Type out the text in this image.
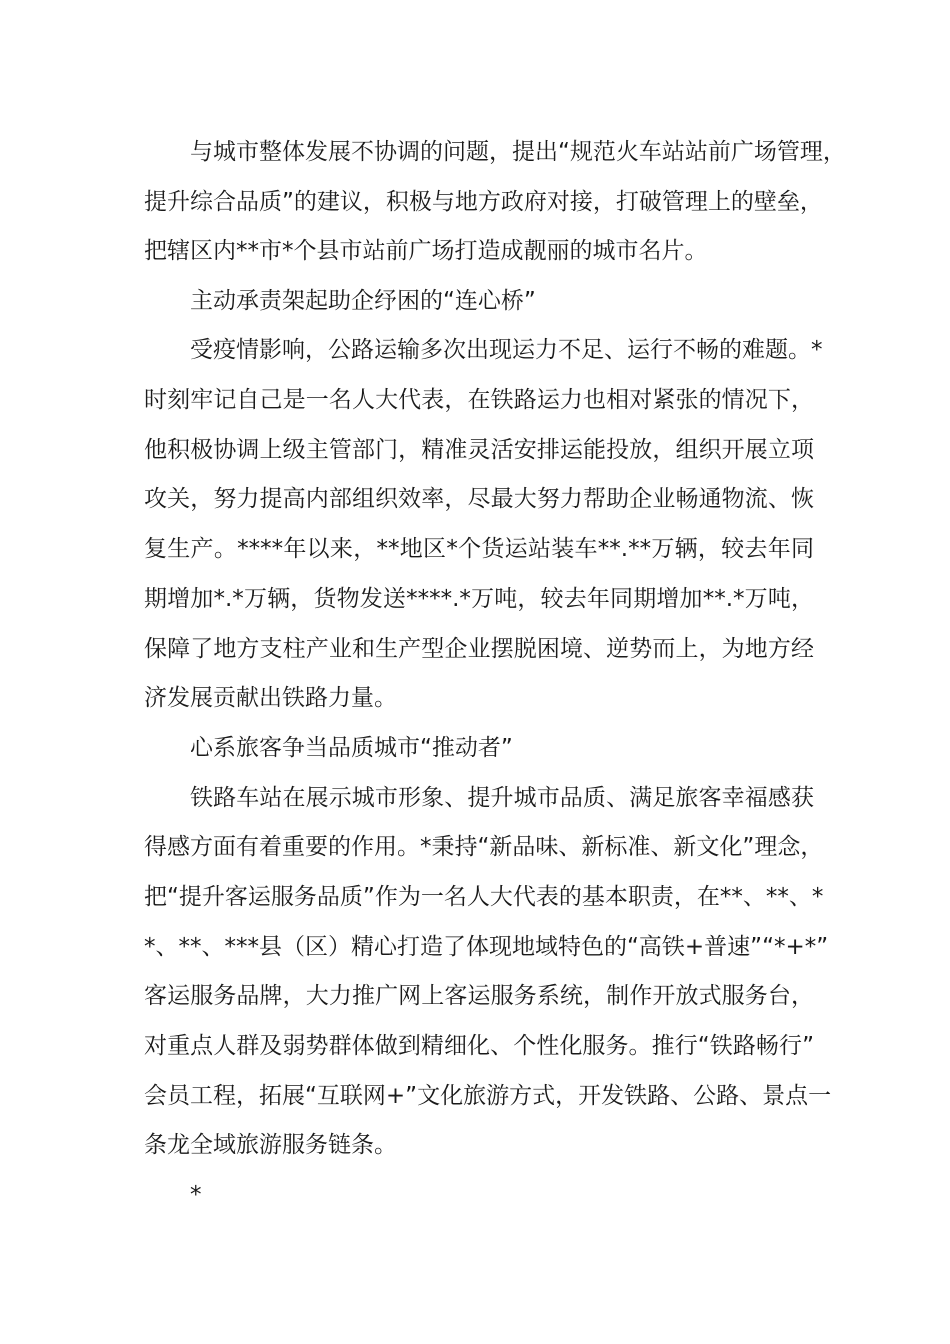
与城市整体发展不协调的问题，提出“规范火车站站前广场管理，
提升综合品质”的建议，积极与地方政府对接，打破管理上的壁垒，
把辖区内**市*个县市站前广场打造成靓丽的城市名片。
主动承责架起助企纾困的“连心桥”
受疫情影响，公路运输多次出现运力不足、运行不畅的难题。*
时刻牢记自己是一名人大代表，在铁路运力也相对紧张的情况下，
他积极协调上级主管部门，精准灵活安排运能投放，组织开展立项
攻关，努力提高内部组织效率，尽最大努力帮助企业畅通物流、恢
复生产。****年以来，**地区*个货运站装车**.**万辆，较去年同
期增加*.*万辆，货物发送****.*万吨，较去年同期增加**.*万吨，
保障了地方支柱产业和生产型企业摆脱困境、逆势而上，为地方经
济发展贡献出铁路力量。
心系旅客争当品质城市“推动者”
铁路车站在展示城市形象、提升城市品质、满足旅客幸福感获
得感方面有着重要的作用。*秉持“新品味、新标准、新文化”理念，
把“提升客运服务品质”作为一名人大代表的基本职责，在**、**、*
*、**、***县（区）精心打造了体现地域特色的“高铁+普速”“*+*”
客运服务品牌，大力推广网上客运服务系统，制作开放式服务台，
对重点人群及弱势群体做到精细化、个性化服务。推行“铁路畅行”
会员工程，拓展“互联网+”文化旅游方式，开发铁路、公路、景点一
条龙全域旅游服务链条。
*
